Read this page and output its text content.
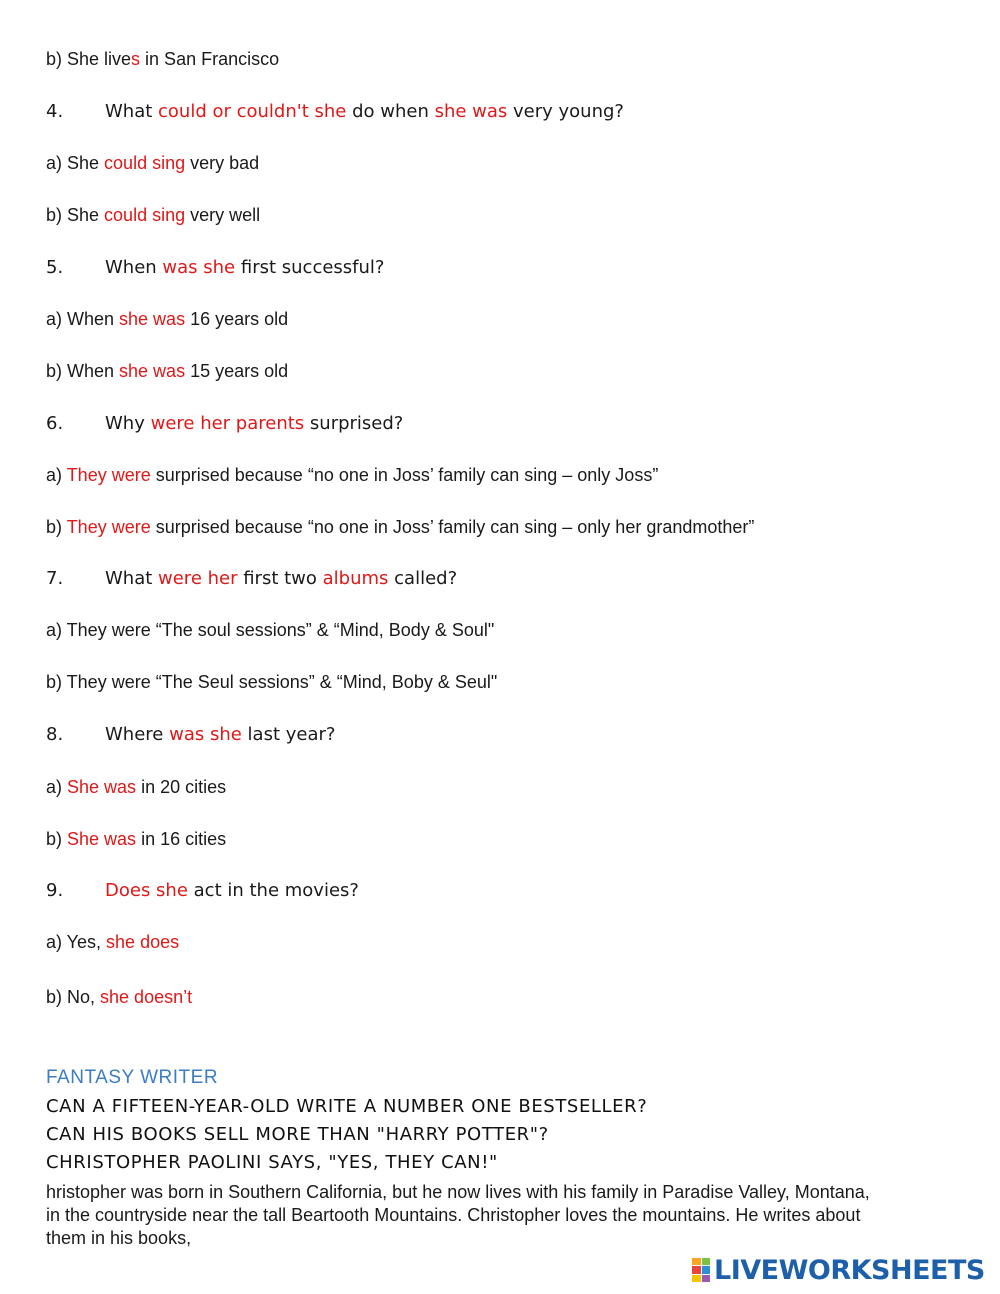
b) She lives in San Francisco
4. What could or couldn't she do when she was very young?
a) She could sing very bad
b) She could sing very well
5. When was she first successful?
a) When she was 16 years old
b) When she was 15 years old
6. Why were her parents surprised?
a) They were surprised because “no one in Joss’ family can sing – only Joss”
b) They were surprised because “no one in Joss’ family can sing – only her grandmother”
7. What were her first two albums called?
a) They were “The soul sessions” & “Mind, Body & Soul"
b) They were “The Seul sessions” & “Mind, Boby & Seul"
8. Where was she last year?
a) She was in 20 cities
b) She was in 16 cities
9. Does she act in the movies?
a) Yes, she does
b) No, she doesn’t
FANTASY WRITER
CAN A FIFTEEN-YEAR-OLD WRITE A NUMBER ONE BESTSELLER?
CAN HIS BOOKS SELL MORE THAN "HARRY POTTER"?
CHRISTOPHER PAOLINI SAYS, "YES, THEY CAN!"
hristopher was born in Southern California, but he now lives with his family in Paradise Valley, Montana,
in the countryside near the tall Beartooth Mountains. Christopher loves the mountains. He writes about
them in his books,
LIVEWORKSHEETS
